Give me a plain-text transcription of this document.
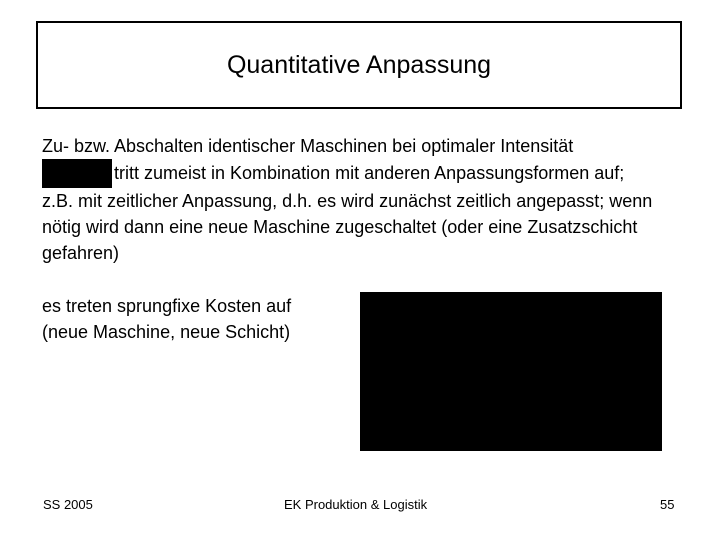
Quantitative Anpassung

Zu- bzw. Abschalten identischer Maschinen bei optimaler Intensität
tritt zumeist in Kombination mit anderen Anpassungsformen auf;

z.B. mit zeitlicher Anpassung, d.h. es wird zunächst zeitlich angepasst; wenn nötig wird dann eine neue Maschine zugeschaltet (oder eine Zusatzschicht gefahren)

es treten sprungfixe Kosten auf
(neue Maschine, neue Schicht)
SS 2005	EK Produktion & Logistik	55
